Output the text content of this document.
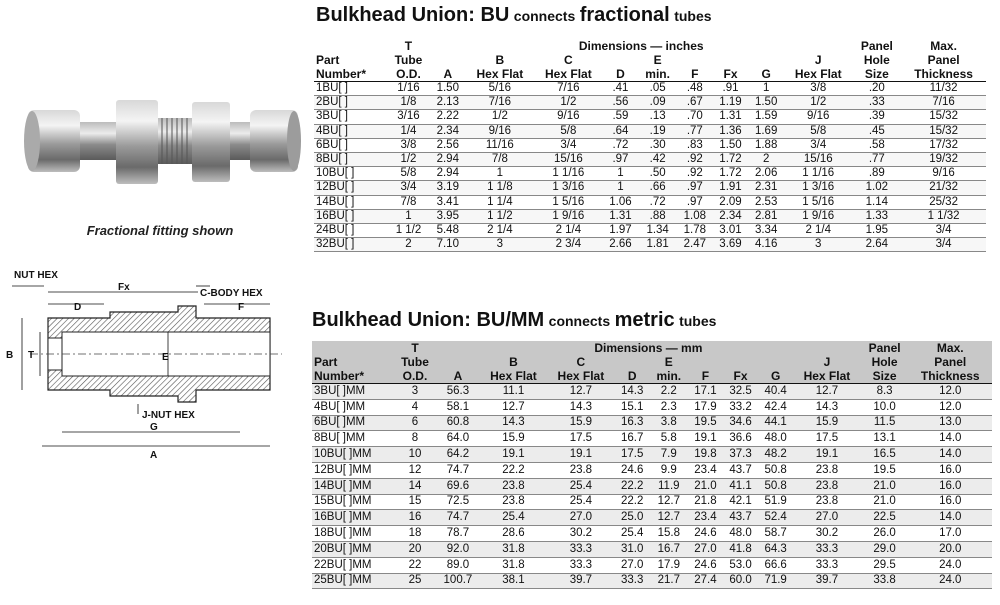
Fractional fitting shown
NUT HEX
Fx
C-BODY HEX
D	F
B T	E
J-NUT HEX
G
A
Bulkhead Union: BU connects fractional tubes
	T	Dimensions — inches									Panel	Max.
Part	Tube		B	C		E				J	Hole	Panel
Number*	O.D.	A	Hex Flat	Hex Flat	D	min.	F	Fx	G	Hex Flat	Size	Thickness
1BU[ ]	1/16	1.50	5/16	7/16	.41	.05	.48	.91	1	3/8	.20	11/32
2BU[ ]	1/8	2.13	7/16	1/2	.56	.09	.67	1.19	1.50	1/2	.33	7/16
3BU[ ]	3/16	2.22	1/2	9/16	.59	.13	.70	1.31	1.59	9/16	.39	15/32
4BU[ ]	1/4	2.34	9/16	5/8	.64	.19	.77	1.36	1.69	5/8	.45	15/32
6BU[ ]	3/8	2.56	11/16	3/4	.72	.30	.83	1.50	1.88	3/4	.58	17/32
8BU[ ]	1/2	2.94	7/8	15/16	.97	.42	.92	1.72	2	15/16	.77	19/32
10BU[ ]	5/8	2.94	1	1 1/16	1	.50	.92	1.72	2.06	1 1/16	.89	9/16
12BU[ ]	3/4	3.19	1 1/8	1 3/16	1	.66	.97	1.91	2.31	1 3/16	1.02	21/32
14BU[ ]	7/8	3.41	1 1/4	1 5/16	1.06	.72	.97	2.09	2.53	1 5/16	1.14	25/32
16BU[ ]	1	3.95	1 1/2	1 9/16	1.31	.88	1.08	2.34	2.81	1 9/16	1.33	1 1/32
24BU[ ]	1 1/2	5.48	2 1/4	2 1/4	1.97	1.34	1.78	3.01	3.34	2 1/4	1.95	3/4
32BU[ ]	2	7.10	3	2 3/4	2.66	1.81	2.47	3.69	4.16	3	2.64	3/4
Bulkhead Union: BU/MM connects metric tubes
	T	Dimensions — mm									Panel	Max.
Part	Tube		B	C		E				J	Hole	Panel
Number*	O.D.	A	Hex Flat	Hex Flat	D	min.	F	Fx	G	Hex Flat	Size	Thickness
3BU[ ]MM	3	56.3	11.1	12.7	14.3	2.2	17.1	32.5	40.4	12.7	8.3	12.0
4BU[ ]MM	4	58.1	12.7	14.3	15.1	2.3	17.9	33.2	42.4	14.3	10.0	12.0
6BU[ ]MM	6	60.8	14.3	15.9	16.3	3.8	19.5	34.6	44.1	15.9	11.5	13.0
8BU[ ]MM	8	64.0	15.9	17.5	16.7	5.8	19.1	36.6	48.0	17.5	13.1	14.0
10BU[ ]MM	10	64.2	19.1	19.1	17.5	7.9	19.8	37.3	48.2	19.1	16.5	14.0
12BU[ ]MM	12	74.7	22.2	23.8	24.6	9.9	23.4	43.7	50.8	23.8	19.5	16.0
14BU[ ]MM	14	69.6	23.8	25.4	22.2	11.9	21.0	41.1	50.8	23.8	21.0	16.0
15BU[ ]MM	15	72.5	23.8	25.4	22.2	12.7	21.8	42.1	51.9	23.8	21.0	16.0
16BU[ ]MM	16	74.7	25.4	27.0	25.0	12.7	23.4	43.7	52.4	27.0	22.5	14.0
18BU[ ]MM	18	78.7	28.6	30.2	25.4	15.8	24.6	48.0	58.7	30.2	26.0	17.0
20BU[ ]MM	20	92.0	31.8	33.3	31.0	16.7	27.0	41.8	64.3	33.3	29.0	20.0
22BU[ ]MM	22	89.0	31.8	33.3	27.0	17.9	24.6	53.0	66.6	33.3	29.5	24.0
25BU[ ]MM	25	100.7	38.1	39.7	33.3	21.7	27.4	60.0	71.9	39.7	33.8	24.0
